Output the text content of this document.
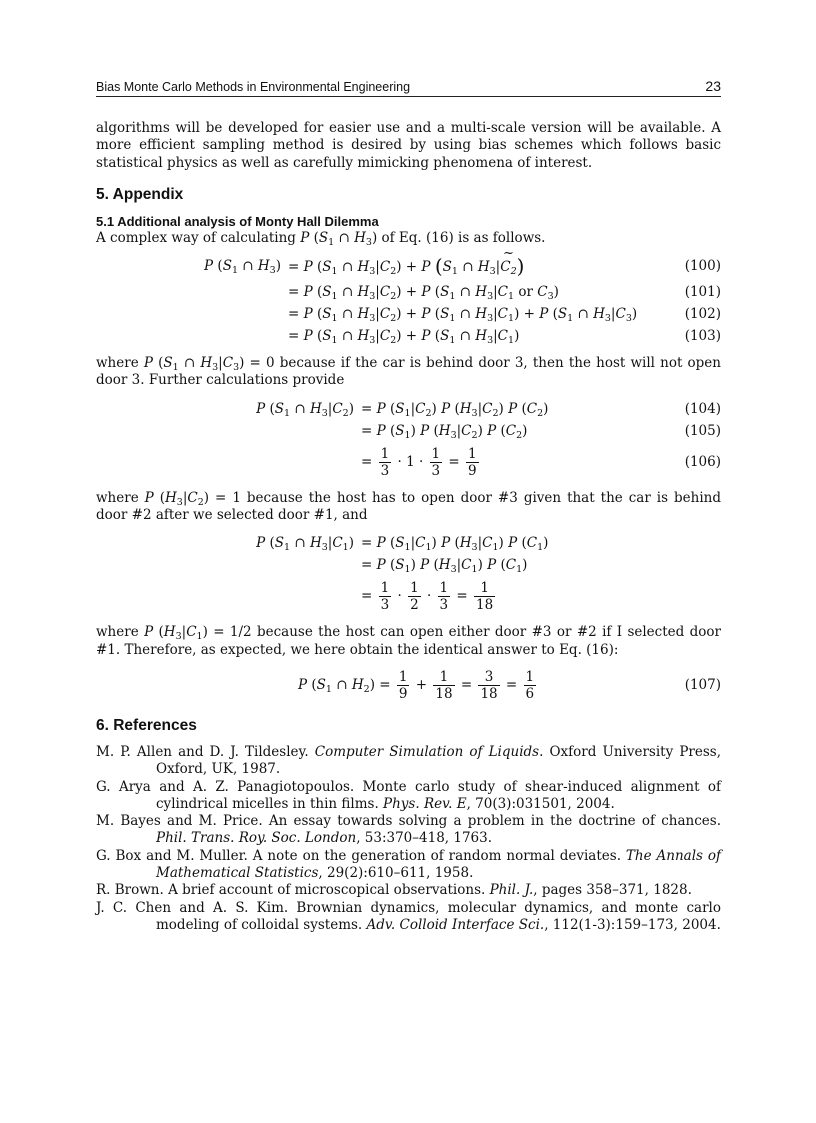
Bias Monte Carlo Methods in Environmental Engineering	23

algorithms will be developed for easier use and a multi-scale version will be available. A more efficient sampling method is desired by using bias schemes which follows basic statistical physics as well as carefully mimicking phenomena of interest.

5. Appendix
5.1 Additional analysis of Monty Hall Dilemma

A complex way of calculating P ($S_1$ ∩ $H_3$) of Eq. (16) is as follows.

P ($S_1$ ∩ $H_3) = P$ ($S_1$ ∩ $H_3|C_2) + P$ ($S_1$ ∩ $H_3|\sim$ $C_2$)	(100)
= P ($S_1$ ∩ $H_3|C_2) + P$ ($S_1$ ∩ $H_3|C_1$ or $C_3$)	(101)
= P ($S_1$ ∩ $H_3|C_2) + P$ ($S_1$ ∩ $H_3|C_1) + P$ ($S_1$ ∩ $H_3|C_3$)	(102)
= P ($S_1$ ∩ $H_3|C_2) + P$ ($S_1$ ∩ $H_3|C_1$)	(103)

where P ($S_1$ ∩ $H_3|C_3) = 0$ because if the car is behind door 3, then the host will not open door 3. Further calculations provide

P ($S_1$ ∩ $H_3|C_2) = P$ $(S_1|C_2)$ P $(H_3|C_2)$ P $(C_2)$	(104)
= P $(S_1)$ P $(H_3|C_2)$ P $(C_2)$	(105)
= $\frac{1}{3} \cdot 1 \cdot \frac{1}{3} = \frac{1}{9}$	(106)

where P $(H_3|C_2) = 1$ because the host has to open door #3 given that the car is behind door #2 after we selected door #1, and

P ($S_1$ ∩ $H_3|C_1) = P$ $(S_1|C_1)$ P $(H_3|C_1)$ P $(C_1)$
= P $(S_1)$ P $(H_3|C_1)$ P $(C_1)$
= $\frac{1}{3} \cdot \frac{1}{2} \cdot \frac{1}{3} = \frac{1}{18}$

where P $(H_3|C_1) = 1/2$ because the host can open either door #3 or #2 if I selected door #1. Therefore, as expected, we here obtain the identical answer to Eq. (16):

P ($S_1$ ∩ $H_2) = \frac{1}{9} + \frac{1}{18} = \frac{3}{18} = \frac{1}{6}$	(107)
6. References
M. P. Allen and D. J. Tildesley. Computer Simulation of Liquids. Oxford University Press, Oxford, UK, 1987.
G. Arya and A. Z. Panagiotopoulos. Monte carlo study of shear-induced alignment of cylindrical micelles in thin films. Phys. Rev. E, 70(3):031501, 2004.
M. Bayes and M. Price. An essay towards solving a problem in the doctrine of chances. Phil. Trans. Roy. Soc. London, 53:370–418, 1763.
G. Box and M. Muller. A note on the generation of random normal deviates. The Annals of Mathematical Statistics, 29(2):610–611, 1958.
R. Brown. A brief account of microscopical observations. Phil. J., pages 358–371, 1828.
J. C. Chen and A. S. Kim. Brownian dynamics, molecular dynamics, and monte carlo modeling of colloidal systems. Adv. Colloid Interface Sci., 112(1-3):159–173, 2004.
